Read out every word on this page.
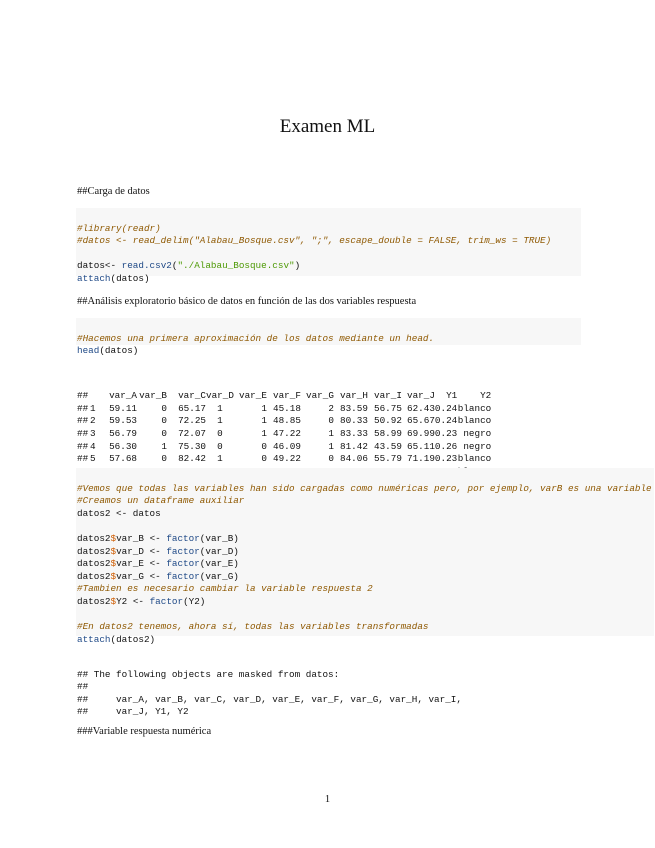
Examen ML
##Carga de datos

#library(readr)
#datos <- read_delim("Alabau_Bosque.csv", ";", escape_double = FALSE, trim_ws = TRUE)
datos<- read.csv2("./Alabau_Bosque.csv")
attach(datos)

##Análisis exploratorio básico de datos en función de las dos variables respuesta

#Hacemos una primera aproximación de los datos mediante un head.
head(datos)

##		var_A	var_B	var_C	var_D	var_E	var_F	var_G	var_H	var_I	var_J	Y1	Y2
##	1	59.11	0	65.17	1	1	45.18	2	83.59	56.75	62.43	0.24	blanco
##	2	59.53	0	72.25	1	1	48.85	0	80.33	50.92	65.67	0.24	blanco
##	3	56.79	0	72.07	0	1	47.22	1	83.33	58.99	69.99	0.23	negro
##	4	56.30	1	75.30	0	0	46.09	1	81.42	43.59	65.11	0.26	negro
##	5	57.68	0	82.42	1	0	49.22	0	84.06	55.79	71.19	0.23	blanco

#Vemos que todas las variables han sido cargadas como numéricas pero, por ejemplo, varB es una variable
#Creamos un dataframe auxiliar
datos2 <- datos
datos2$var_B <- factor(var_B)
datos2$var_D <- factor(var_D)
datos2$var_E <- factor(var_E)
datos2$var_G <- factor(var_G)
#Tambien es necesario cambiar la variable respuesta 2
datos2$Y2 <- factor(Y2)
#En datos2 tenemos, ahora sí, todas las variables transformadas
attach(datos2)

## The following objects are masked from datos:
##
##     var_A, var_B, var_C, var_D, var_E, var_F, var_G, var_H, var_I,
##     var_J, Y1, Y2

###Variable respuesta numérica
1
